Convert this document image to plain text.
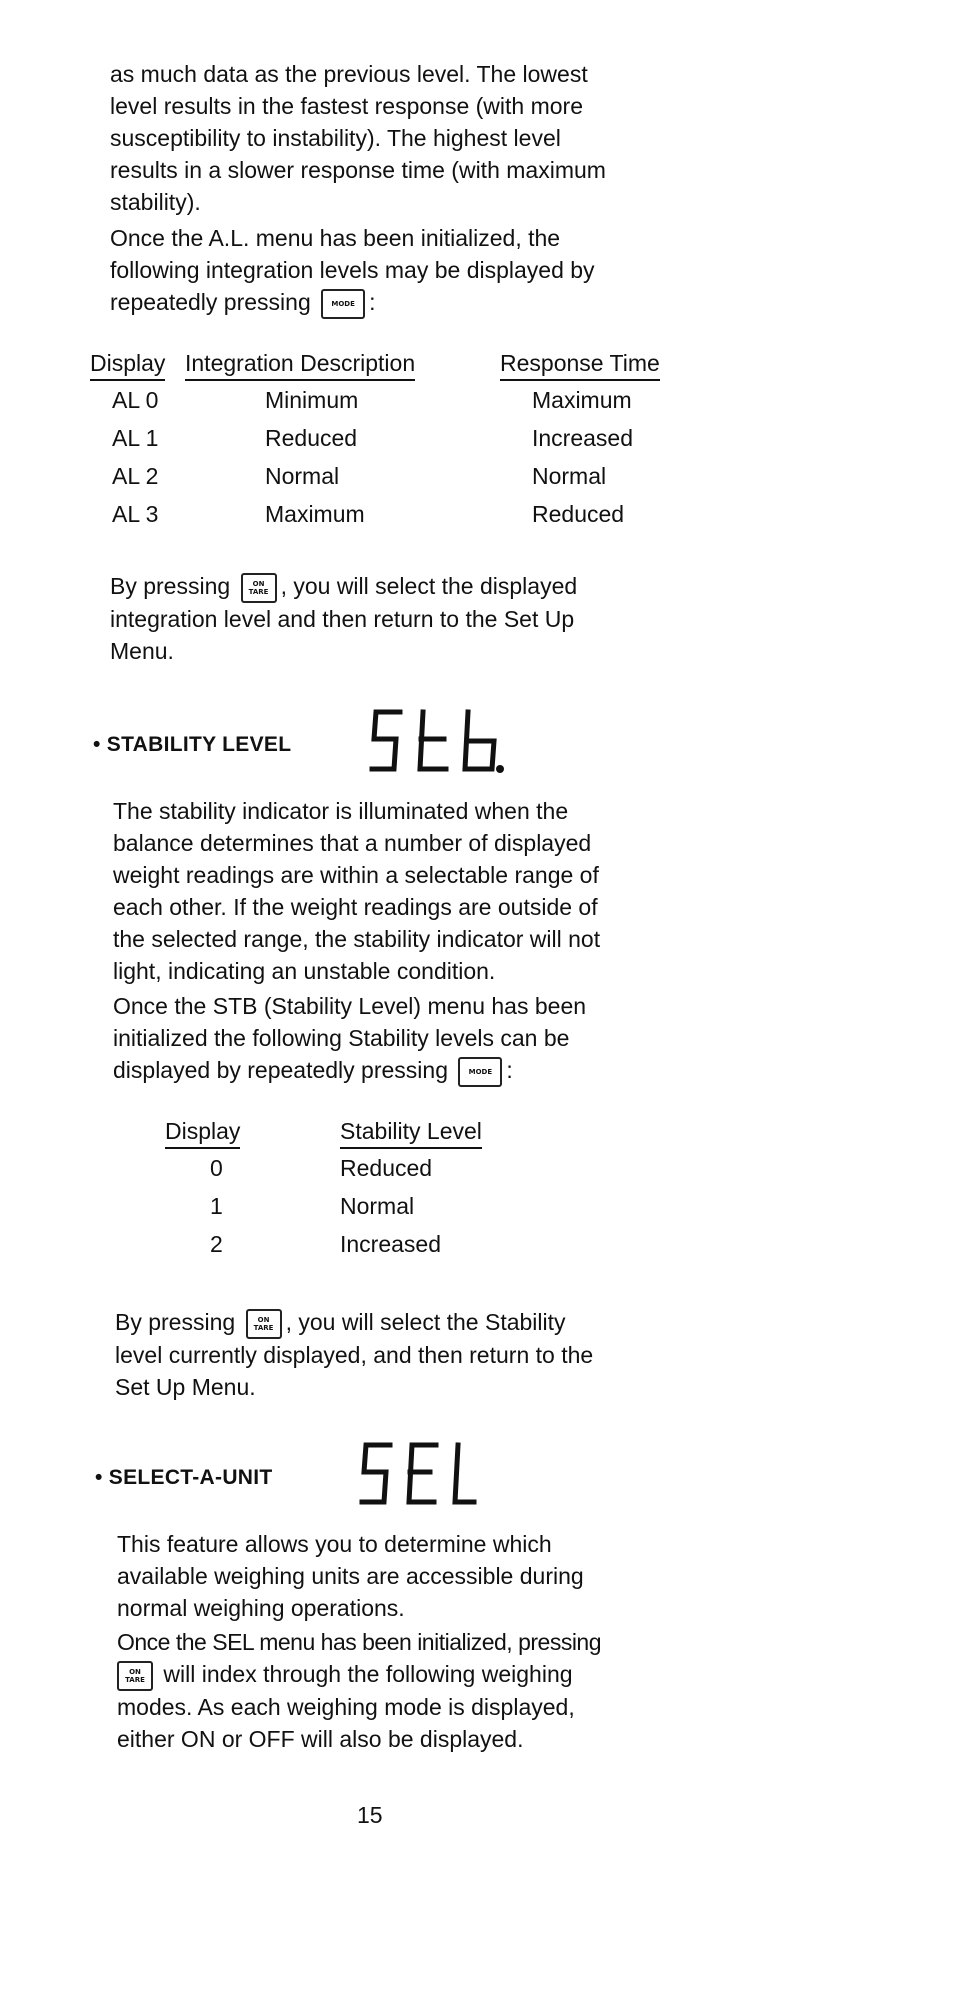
as much data as the previous level. The lowest
level results in the fastest response (with more
susceptibility to instability). The highest level
results in a slower response time (with maximum
stability).
Once the A.L. menu has been initialized, the
following integration levels may be displayed by
repeatedly pressing	MODE :
Display	Integration Description	Response Time
AL 0	Minimum	Maximum
AL 1	Reduced	Increased
AL 2	Normal	Normal
AL 3	Maximum	Reduced
By pressing	ON
TARE , you will select the displayed
integration level and then return to the Set Up
Menu.
• STABILITY LEVEL
The stability indicator is illuminated when the
balance determines that a number of displayed
weight readings are within a selectable range of
each other. If the weight readings are outside of
the selected range, the stability indicator will not
light, indicating an unstable condition.
Once the STB (Stability Level) menu has been
initialized the following Stability levels can be
displayed by repeatedly pressing	MODE :
Display	Stability Level
0	Reduced
1	Normal
2	Increased
By pressing	ON
TARE , you will select the Stability
level currently displayed, and then return to the
Set Up Menu.
• SELECT-A-UNIT
This feature allows you to determine which
available weighing units are accessible during
normal weighing operations.
Once the SEL menu has been initialized, pressing
ON
TARE will index through the following weighing
modes. As each weighing mode is displayed,
either ON or OFF will also be displayed.
15
